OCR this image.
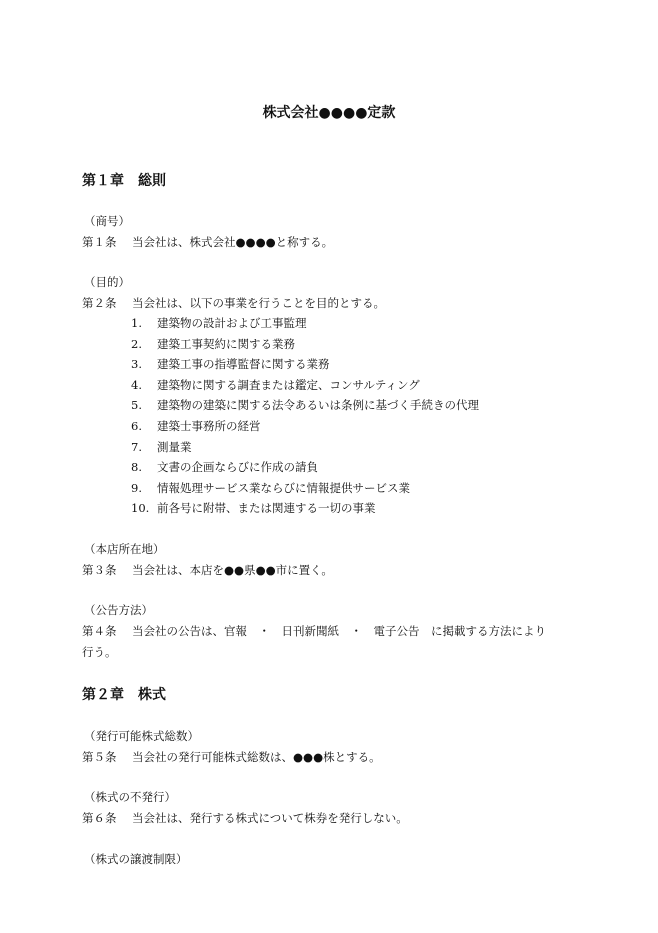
株式会社●●●●定款
第１章　総則
（商号）
第１条 当会社は、株式会社●●●●と称する。
（目的）
第２条 当会社は、以下の事業を行うことを目的とする。
1. 建築物の設計および工事監理
2. 建築工事契約に関する業務
3. 建築工事の指導監督に関する業務
4. 建築物に関する調査または鑑定、コンサルティング
5. 建築物の建築に関する法令あるいは条例に基づく手続きの代理
6. 建築士事務所の経営
7. 測量業
8. 文書の企画ならびに作成の請負
9. 情報処理サービス業ならびに情報提供サービス業
10. 前各号に附帯、または関連する一切の事業
（本店所在地）
第３条 当会社は、本店を●●県●●市に置く。
（公告方法）
第４条 当会社の公告は、官報　・　日刊新聞紙　・　電子公告　に掲載する方法により
行う。
第２章　株式
（発行可能株式総数）
第５条 当会社の発行可能株式総数は、●●●株とする。
（株式の不発行）
第６条 当会社は、発行する株式について株券を発行しない。
（株式の譲渡制限）
